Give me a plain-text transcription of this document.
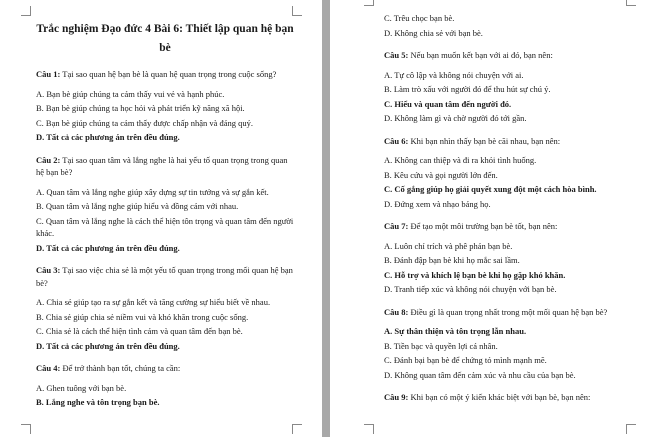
Trắc nghiệm Đạo đức 4 Bài 6: Thiết lập quan hệ bạn bè
Câu 1: Tại sao quan hệ bạn bè là quan hệ quan trọng trong cuộc sống?
A. Bạn bè giúp chúng ta cảm thấy vui vẻ và hạnh phúc.
B. Bạn bè giúp chúng ta học hỏi và phát triển kỹ năng xã hội.
C. Bạn bè giúp chúng ta cảm thấy được chấp nhận và đáng quý.
D. Tất cả các phương án trên đều đúng.
Câu 2: Tại sao quan tâm và lắng nghe là hai yếu tố quan trọng trong quan hệ bạn bè?
A. Quan tâm và lắng nghe giúp xây dựng sự tin tưởng và sự gắn kết.
B. Quan tâm và lắng nghe giúp hiểu và đồng cảm với nhau.
C. Quan tâm và lắng nghe là cách thể hiện tôn trọng và quan tâm đến người khác.
D. Tất cả các phương án trên đều đúng.
Câu 3: Tại sao việc chia sẻ là một yếu tố quan trọng trong mối quan hệ bạn bè?
A. Chia sẻ giúp tạo ra sự gắn kết và tăng cường sự hiểu biết về nhau.
B. Chia sẻ giúp chia sẻ niềm vui và khó khăn trong cuộc sống.
C. Chia sẻ là cách thể hiện tình cảm và quan tâm đến bạn bè.
D. Tất cả các phương án trên đều đúng.
Câu 4: Để trở thành bạn tốt, chúng ta cần:
A. Ghen tuông với bạn bè.
B. Lắng nghe và tôn trọng bạn bè.
C. Trêu chọc bạn bè.
D. Không chia sẻ với bạn bè.
Câu 5: Nếu bạn muốn kết bạn với ai đó, bạn nên:
A. Tự cô lập và không nói chuyện với ai.
B. Làm trò xấu với người đó để thu hút sự chú ý.
C. Hiểu và quan tâm đến người đó.
D. Không làm gì và chờ người đó tới gần.
Câu 6: Khi bạn nhìn thấy bạn bè cãi nhau, bạn nên:
A. Không can thiệp và đi ra khỏi tình huống.
B. Kêu cứu và gọi người lớn đến.
C. Cố gắng giúp họ giải quyết xung đột một cách hòa bình.
D. Đứng xem và nhạo báng họ.
Câu 7: Để tạo một môi trường bạn bè tốt, bạn nên:
A. Luôn chỉ trích và phê phán bạn bè.
B. Đánh đập bạn bè khi họ mắc sai lầm.
C. Hỗ trợ và khích lệ bạn bè khi họ gặp khó khăn.
D. Tranh tiếp xúc và không nói chuyện với bạn bè.
Câu 8: Điều gì là quan trọng nhất trong một mối quan hệ bạn bè?
A. Sự thân thiện và tôn trọng lẫn nhau.
B. Tiền bạc và quyền lợi cá nhân.
C. Đánh bại bạn bè để chứng tỏ mình mạnh mẽ.
D. Không quan tâm đến cảm xúc và nhu cầu của bạn bè.
Câu 9: Khi bạn có một ý kiến khác biệt với bạn bè, bạn nên:
